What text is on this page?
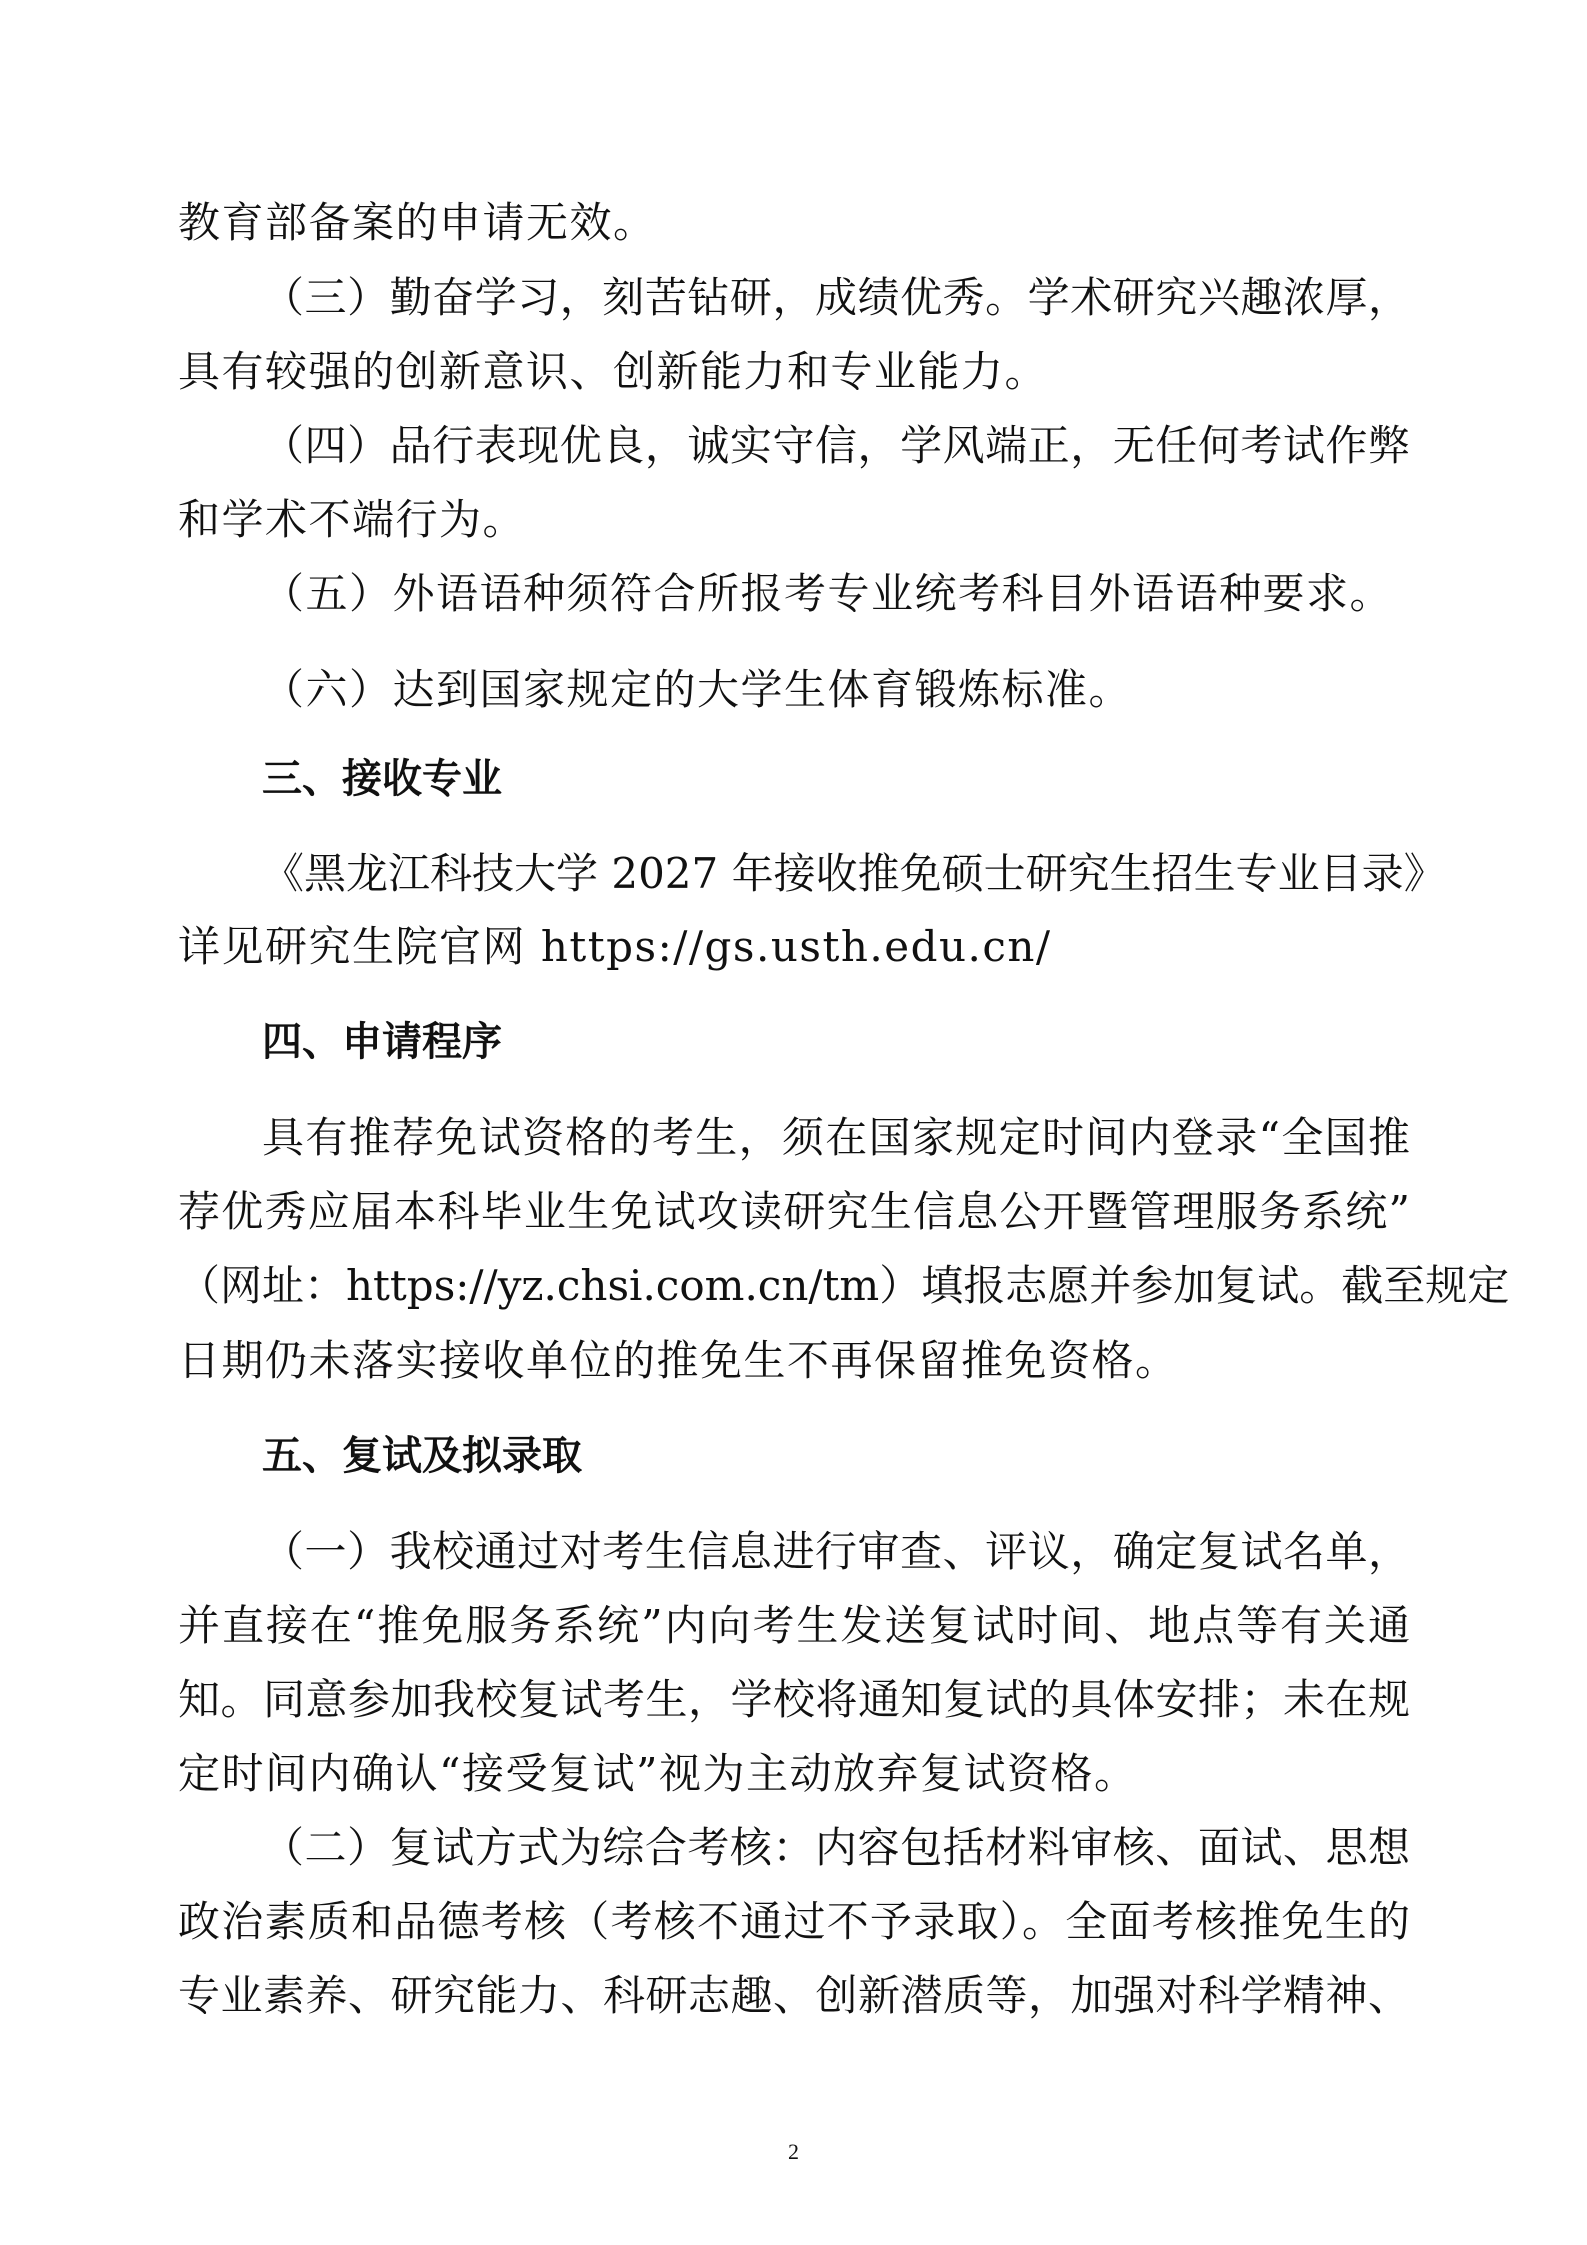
教育部备案的申请无效。
（三）勤奋学习，刻苦钻研，成绩优秀。学术研究兴趣浓厚，
具有较强的创新意识、创新能力和专业能力。
（四）品行表现优良，诚实守信，学风端正，无任何考试作弊
和学术不端行为。
（五）外语语种须符合所报考专业统考科目外语语种要求。
（六）达到国家规定的大学生体育锻炼标准。
三、接收专业
《黑龙江科技大学 2027 年接收推免硕士研究生招生专业目录》
详见研究生院官网 https://gs.usth.edu.cn/
四、申请程序
具有推荐免试资格的考生，须在国家规定时间内登录“全国推
荐优秀应届本科毕业生免试攻读研究生信息公开暨管理服务系统”
（网址：https://yz.chsi.com.cn/tm）填报志愿并参加复试。截至规定
日期仍未落实接收单位的推免生不再保留推免资格。
五、复试及拟录取
（一）我校通过对考生信息进行审查、评议，确定复试名单，
并直接在“推免服务系统”内向考生发送复试时间、地点等有关通
知。同意参加我校复试考生，学校将通知复试的具体安排；未在规
定时间内确认“接受复试”视为主动放弃复试资格。
（二）复试方式为综合考核：内容包括材料审核、面试、思想
政治素质和品德考核（考核不通过不予录取）。全面考核推免生的
专业素养、研究能力、科研志趣、创新潜质等，加强对科学精神、
2
